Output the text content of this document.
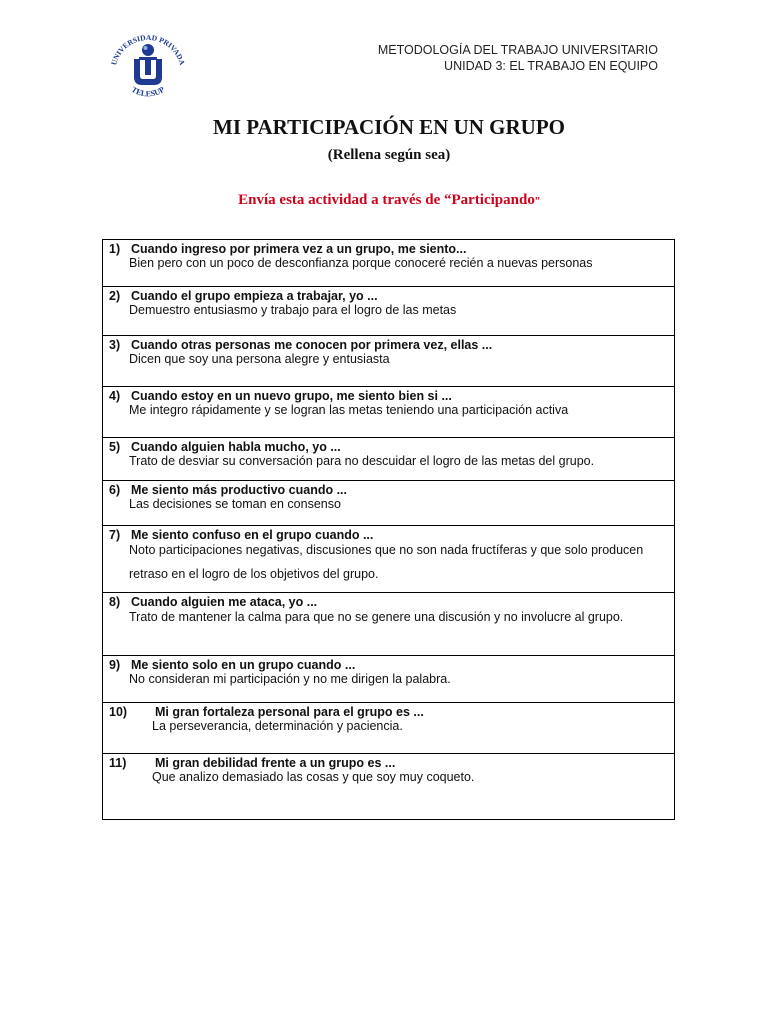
UNIVERSIDAD PRIVADA
TELESUP
METODOLOGÍA DEL TRABAJO UNIVERSITARIO
UNIDAD 3: EL TRABAJO EN EQUIPO
MI PARTICIPACIÓN EN UN GRUPO
(Rellena según sea)
Envía esta actividad a través de “Participando”
1) Cuando ingreso por primera vez a un grupo, me siento...
Bien pero con un poco de desconfianza porque conoceré recién a nuevas personas

2) Cuando el grupo empieza a trabajar, yo ...
Demuestro entusiasmo y trabajo para el logro de las metas

3) Cuando otras personas me conocen por primera vez, ellas ...
Dicen que soy una persona alegre y entusiasta

4) Cuando estoy en un nuevo grupo, me siento bien si ...
Me integro rápidamente y se logran las metas teniendo una participación activa

5) Cuando alguien habla mucho, yo ...
Trato de desviar su conversación para no descuidar el logro de las metas del grupo.

6) Me siento más productivo cuando ...
Las decisiones se toman en consenso

7) Me siento confuso en el grupo cuando ...
Noto participaciones negativas, discusiones que no son nada fructíferas y que solo producen retraso en el logro de los objetivos del grupo.

8) Cuando alguien me ataca, yo ...
Trato de mantener la calma para que no se genere una discusión y no involucre al grupo.

9) Me siento solo en un grupo cuando ...
No consideran mi participación y no me dirigen la palabra.

10) Mi gran fortaleza personal para el grupo es ...
La perseverancia, determinación y paciencia.

11) Mi gran debilidad frente a un grupo es ...
Que analizo demasiado las cosas y que soy muy coqueto.
